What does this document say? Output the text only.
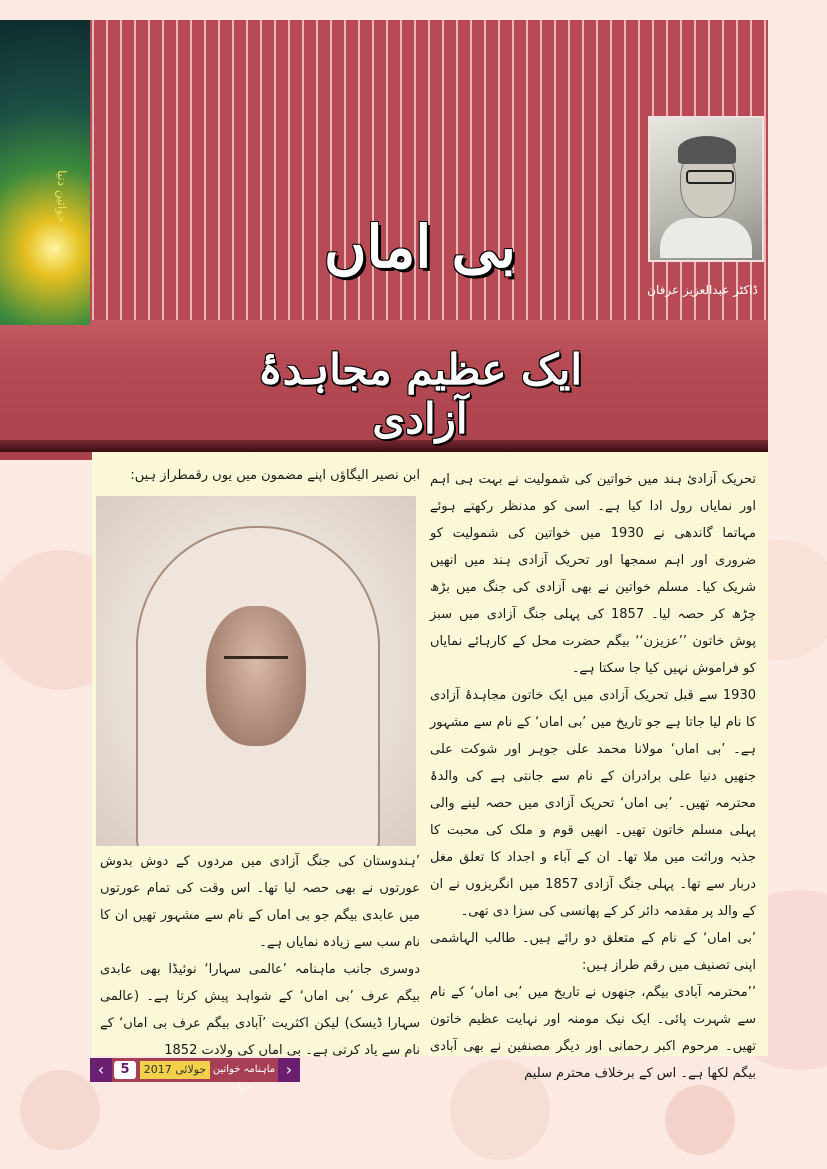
خواتین دنیا
ڈاکٹر عبدالعزیز عرفان
بی اماں
ایک عظیم مجاہدۂ آزادی

تحریک آزادیٔ ہند میں خواتین کی شمولیت نے بہت ہی اہم اور نمایاں رول ادا کیا ہے۔ اسی کو مدنظر رکھتے ہوئے مہاتما گاندھی نے 1930 میں خواتین کی شمولیت کو ضروری اور اہم سمجھا اور تحریک آزادی ہند میں انھیں شریک کیا۔ مسلم خواتین نے بھی آزادی کی جنگ میں بڑھ چڑھ کر حصہ لیا۔ 1857 کی پہلی جنگ آزادی میں سبز پوش خاتون ’’عزیزن‘‘ بیگم حضرت محل کے کارہائے نمایاں کو فراموش نہیں کیا جا سکتا ہے۔

1930 سے قبل تحریک آزادی میں ایک خاتون مجاہدۂ آزادی کا نام لیا جاتا ہے جو تاریخ میں ’بی اماں‘ کے نام سے مشہور ہے۔ ’بی اماں‘ مولانا محمد علی جوہر اور شوکت علی جنھیں دنیا علی برادران کے نام سے جانتی ہے کی والدۂ محترمہ تھیں۔ ’بی اماں‘ تحریک آزادی میں حصہ لینے والی پہلی مسلم خاتون تھیں۔ انھیں قوم و ملک کی محبت کا جذبہ وراثت میں ملا تھا۔ ان کے آباء و اجداد کا تعلق مغل دربار سے تھا۔ پہلی جنگ آزادی 1857 میں انگریزوں نے ان کے والد پر مقدمہ دائر کر کے پھانسی کی سزا دی تھی۔

’بی اماں‘ کے نام کے متعلق دو رائے ہیں۔ طالب الہاشمی اپنی تصنیف میں رقم طراز ہیں:

’’محترمہ آبادی بیگم، جنھوں نے تاریخ میں ’بی اماں‘ کے نام سے شہرت پائی۔ ایک نیک مومنہ اور نہایت عظیم خاتون تھیں۔ مرحوم اکبر رحمانی اور دیگر مصنفین نے بھی آبادی بیگم لکھا ہے۔ اس کے برخلاف محترم سلیم

ابن نصیر الیگاؤں اپنے مضمون میں یوں رقمطراز ہیں:

’ہندوستان کی جنگ آزادی میں مردوں کے دوش بدوش عورتوں نے بھی حصہ لیا تھا۔ اس وقت کی تمام عورتوں میں عابدی بیگم جو بی اماں کے نام سے مشہور تھیں ان کا نام سب سے زیادہ نمایاں ہے۔

دوسری جانب ماہنامہ ’عالمی سہارا‘ نوئیڈا بھی عابدی بیگم عرف ’بی اماں‘ کے شواہد پیش کرتا ہے۔ (عالمی سہارا ڈیسک) لیکن اکثریت ’آبادی بیگم عرف بی اماں‘ کے نام سے یاد کرتی ہے۔ بی اماں کی ولادت 1852

‹	5	جولائی 2017 ماہنامہ خواتین دنیا
›
